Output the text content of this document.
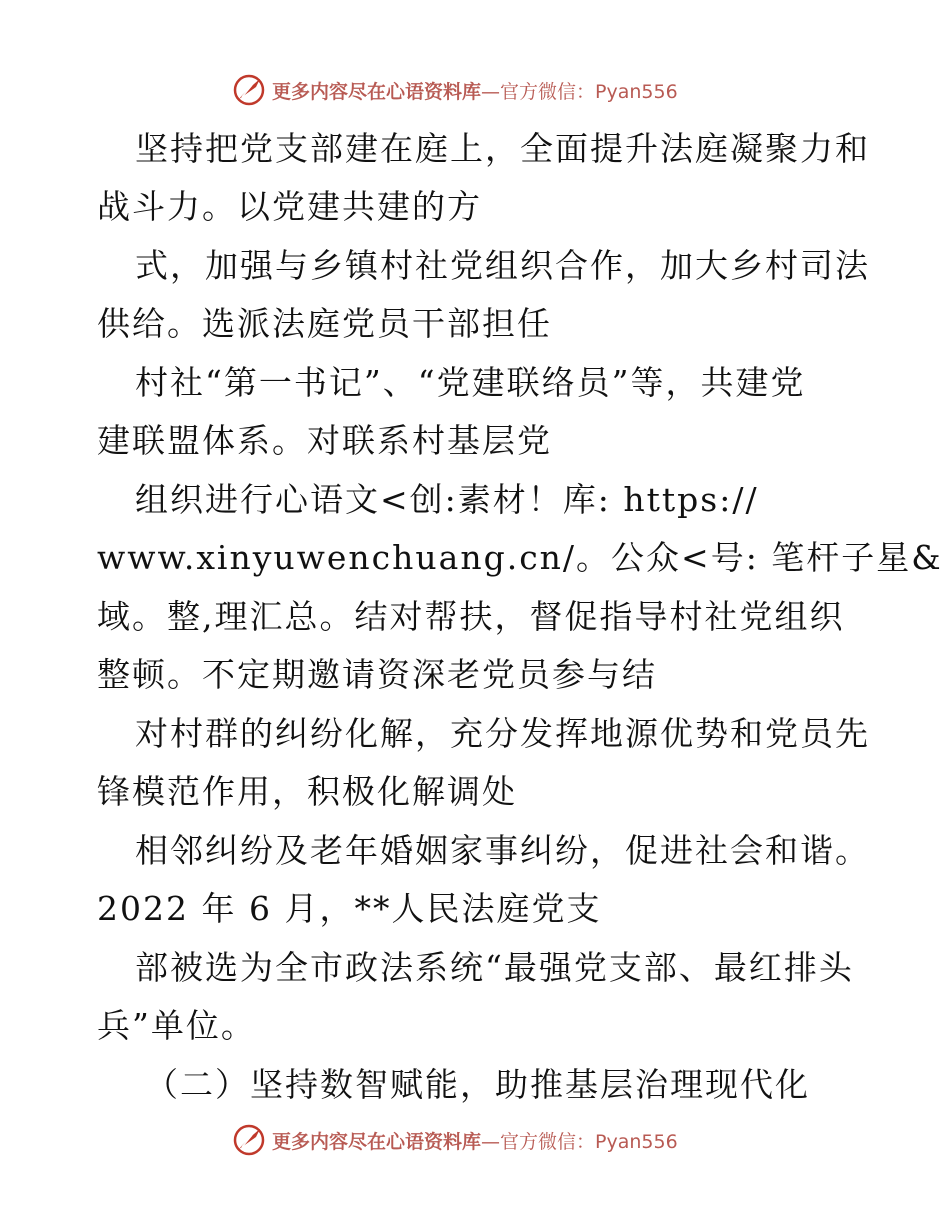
更多内容尽在心语资料库—官方微信：Pyan556
坚持把党支部建在庭上，全面提升法庭凝聚力和
战斗力。以党建共建的方
式，加强与乡镇村社党组织合作，加大乡村司法
供给。选派法庭党员干部担任
村社“第一书记”、“党建联络员”等，共建党
建联盟体系。对联系村基层党
组织进行心语文<创:素材！库: https://
www.xinyuwenchuang.cn/。公众<号: 笔杆子星&
域。整,理汇总。结对帮扶，督促指导村社党组织
整顿。不定期邀请资深老党员参与结
对村群的纠纷化解，充分发挥地源优势和党员先
锋模范作用，积极化解调处
相邻纠纷及老年婚姻家事纠纷，促进社会和谐。
2022 年 6 月，**人民法庭党支
部被选为全市政法系统“最强党支部、最红排头
兵”单位。
（二）坚持数智赋能，助推基层治理现代化
更多内容尽在心语资料库—官方微信：Pyan556
